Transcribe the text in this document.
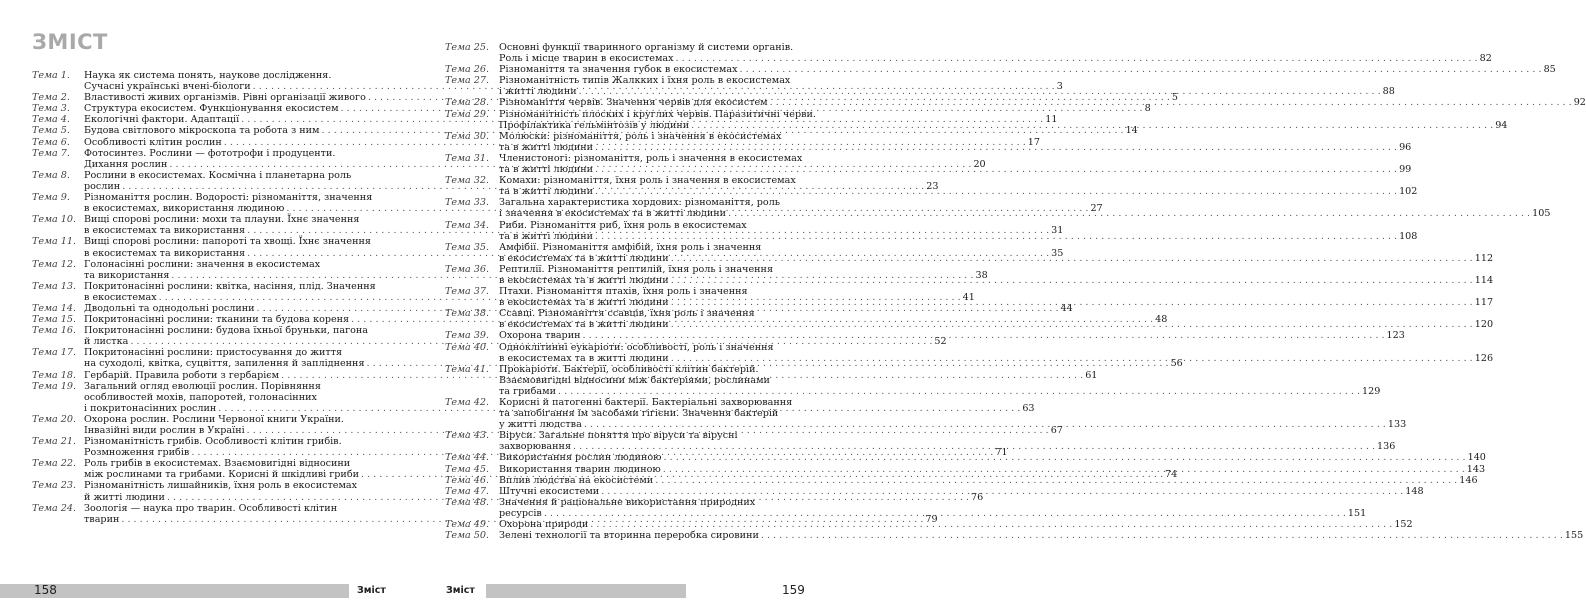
ЗМІСТ
Тема 1.	Наука як система понять, наукове дослідження.
Сучасні українські вчені-біологи . . .	3
Тема 2.	Властивості живих організмів. Рівні організації живого . . .	5
Тема 3.	Структура екосистем. Функціонування екосистем . . .	8
Тема 4.	Екологічні фактори. Адаптації . . .	11
Тема 5.	Будова світлового мікроскопа та робота з ним . . .	14
Тема 6.	Особливості клітин рослин . . .	17
Тема 7.	Фотосинтез. Рослини — фототрофи і продуценти.
Дихання рослин . . .	20
Тема 8.	Рослини в екосистемах. Космічна і планетарна роль
рослин . . .	23
Тема 9.	Різноманіття рослин. Водорості: різноманіття, значення
в екосистемах, використання людиною . . .	27
Тема 10. Вищі спорові рослини: мохи та плауни. Їхнє значення
в екосистемах та використання . . .	31
Тема 11. Вищі спорові рослини: папороті та хвощі. Їхнє значення
в екосистемах та використання . . .	35
Тема 12. Голонасінні рослини: значення в екосистемах
та використання . . .	38
Тема 13. Покритонасінні рослини: квітка, насіння, плід. Значення
в екосистемах . . .	41
Тема 14. Дводольні та однодольні рослини . . .	44
Тема 15. Покритонасінні рослини: тканини та будова кореня . . .	48
Тема 16. Покритонасінні рослини: будова їхньої бруньки, пагона
й листка . . .	52
Тема 17. Покритонасінні рослини: пристосування до життя
на суходолі, квітка, суцвіття, запилення й запліднення . . .	56
Тема 18. Гербарій. Правила роботи з гербарієм . . .	61
Тема 19. Загальний огляд еволюції рослин. Порівняння
особливостей мохів, папоротей, голонасінних
і покритонасінних рослин . . .	63
Тема 20. Охорона рослин. Рослини Червоної книги України.
Інвазійні види рослин в Україні . . .	67
Тема 21. Різноманітність грибів. Особливості клітин грибів.
Розмноження грибів . . .	71
Тема 22. Роль грибів в екосистемах. Взаємовигідні відносини
між рослинами та грибами. Корисні й шкідливі гриби . . .	74
Тема 23. Різноманітність лишайників, їхня роль в екосистемах
й житті людини . . .	76
Тема 24. Зоологія — наука про тварин. Особливості клітин
тварин . . .	79
Тема 25.	Основні функції тваринного організму й системи органів.
Роль і місце тварин в екосистемах . . .	82
Тема 26.	Різноманіття та значення губок в екосистемах . . .	85
Тема 27.	Різноманітність типів Жалкких і їхня роль в екосистемах
і житті людини . . .	88
Тема 28.	Різноманіття червів. Значення червів для екосистем . . .	92
Тема 29.	Різноманітність плоских і круглих червів. Паразитичні черви.
Профілактика гельмінтозів у людини . . .	94
Тема 30.	Молюски: різноманіття, роль і значення в екосистемах
та в житті людини . . .	96
Тема 31.	Членистоногі: різноманіття, роль і значення в екосистемах
та в житті людини . . .	99
Тема 32.	Комахи: різноманіття, їхня роль і значення в екосистемах
та в житті людини . . .	102
Тема 33.	Загальна характеристика хордових: різноманіття, роль
і значення в екосистемах та в житті людини . . .	105
Тема 34.	Риби. Різноманіття риб, їхня роль в екосистемах
та в житті людини . . .	108
Тема 35.	Амфібії. Різноманіття амфібій, їхня роль і значення
в екосистемах та в житті людини . . .	112
Тема 36.	Рептилії. Різноманіття рептилій, їхня роль і значення
в екосистемах та в житті людини . . .	114
Тема 37.	Птахи. Різноманіття птахів, їхня роль і значення
в екосистемах та в житті людини . . .	117
Тема 38.	Ссавці. Різноманіття ссавців, їхня роль і значення
в екосистемах та в житті людини . . .	120
Тема 39.	Охорона тварин . . .	123
Тема 40.	Одноклітинні еукаріоти: особливості, роль і значення
в екосистемах та в житті людини . . .	126
Тема 41.	Прокаріоти. Бактерії, особливості клітин бактерій.
Взаємовигідні відносини між бактеріями, рослинами
та грибами . . .	129
Тема 42.	Корисні й патогенні бактерії. Бактеріальні захворювання
та запобігання їм засобами гігієни. Значення бактерій
у житті людства . . .	133
Тема 43.	Віруси. Загальне поняття про віруси та вірусні
захворювання . . .	136
Тема 44.	Використання рослин людиною . . .	140
Тема 45.	Використання тварин людиною . . .	143
Тема 46.	Вплив людства на екосистеми . . .	146
Тема 47.	Штучні екосистеми . . .	148
Тема 48.	Значення й раціональне використання природних
ресурсів . . .	151
Тема 49.	Охорона природи . . .	152
Тема 50.	Зелені технології та вторинна переробка сировини . . .	155
158	Зміст	Зміст	159
